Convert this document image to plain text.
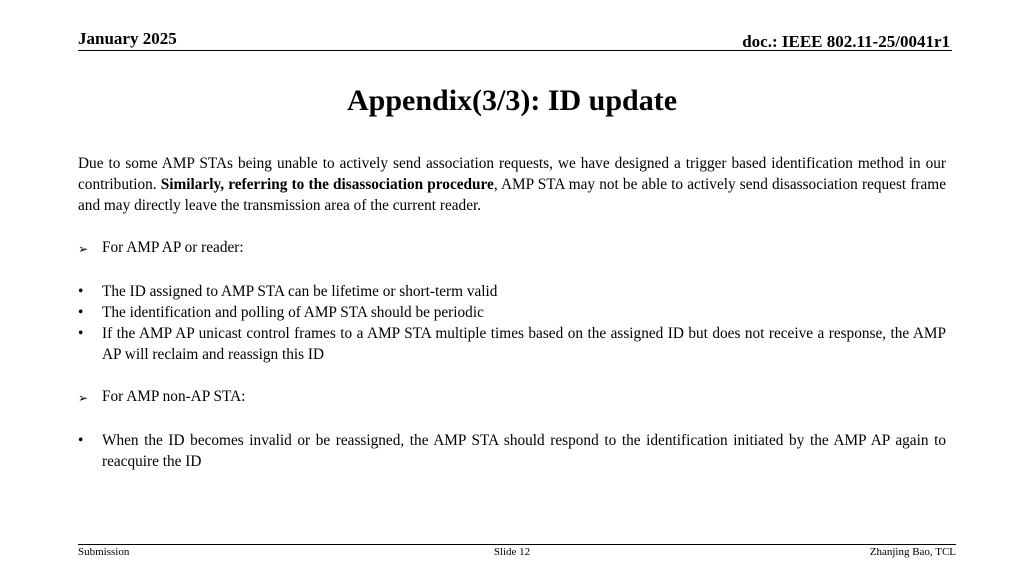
January 2025	doc.: IEEE 802.11-25/0041r1
Appendix(3/3): ID update

Due to some AMP STAs being unable to actively send association requests, we have designed a trigger based identification method in our contribution. Similarly, referring to the disassociation procedure, AMP STA may not be able to actively send disassociation request frame and may directly leave the transmission area of the current reader.

➢ For AMP AP or reader:
•	The ID assigned to AMP STA can be lifetime or short-term valid
•	The identification and polling of AMP STA should be periodic
•	If the AMP AP unicast control frames to a AMP STA multiple times based on the assigned ID but does not receive a response, the AMP AP will reclaim and reassign this ID
➢ For AMP non-AP STA:
•	When the ID becomes invalid or be reassigned, the AMP STA should respond to the identification initiated by the AMP AP again to reacquire the ID
Submission	Slide 12	Zhanjing Bao, TCL
